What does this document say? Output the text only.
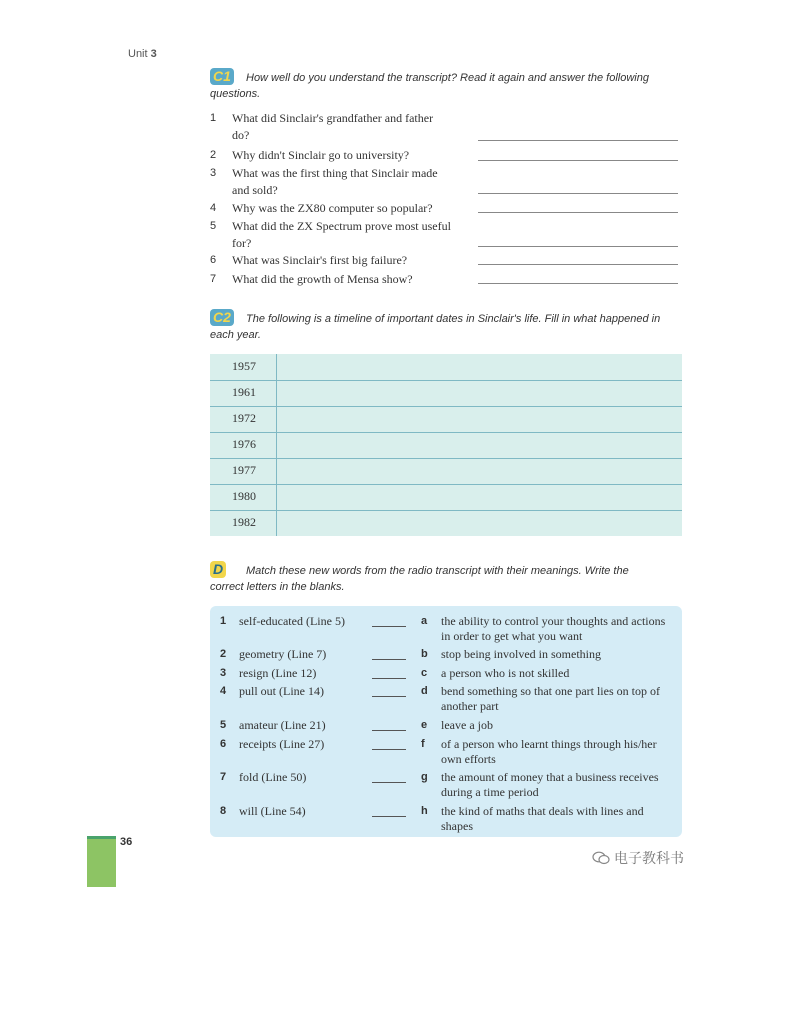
Unit 3
C1 How well do you understand the transcript? Read it again and answer the following
questions.
1 What did Sinclair's grandfather and father do?
2 Why didn't Sinclair go to university?
3 What was the first thing that Sinclair made and sold?
4 Why was the ZX80 computer so popular?
5 What did the ZX Spectrum prove most useful for?
6 What was Sinclair's first big failure?
7 What did the growth of Mensa show?
C2 The following is a timeline of important dates in Sinclair's life. Fill in what happened in
each year.
1957
1961
1972
1976
1977
1980
1982
D Match these new words from the radio transcript with their meanings. Write the
correct letters in the blanks.
1 self-educated (Line 5)	a the ability to control your thoughts and actions in order to get what you want
2 geometry (Line 7)	b stop being involved in something
3 resign (Line 12)	c a person who is not skilled
4 pull out (Line 14)	d bend something so that one part lies on top of another part
5 amateur (Line 21)	e leave a job
6 receipts (Line 27)	f of a person who learnt things through his/her own efforts
7 fold (Line 50)	g the amount of money that a business receives during a time period
8 will (Line 54)	h the kind of maths that deals with lines and shapes
36
电子教科书
